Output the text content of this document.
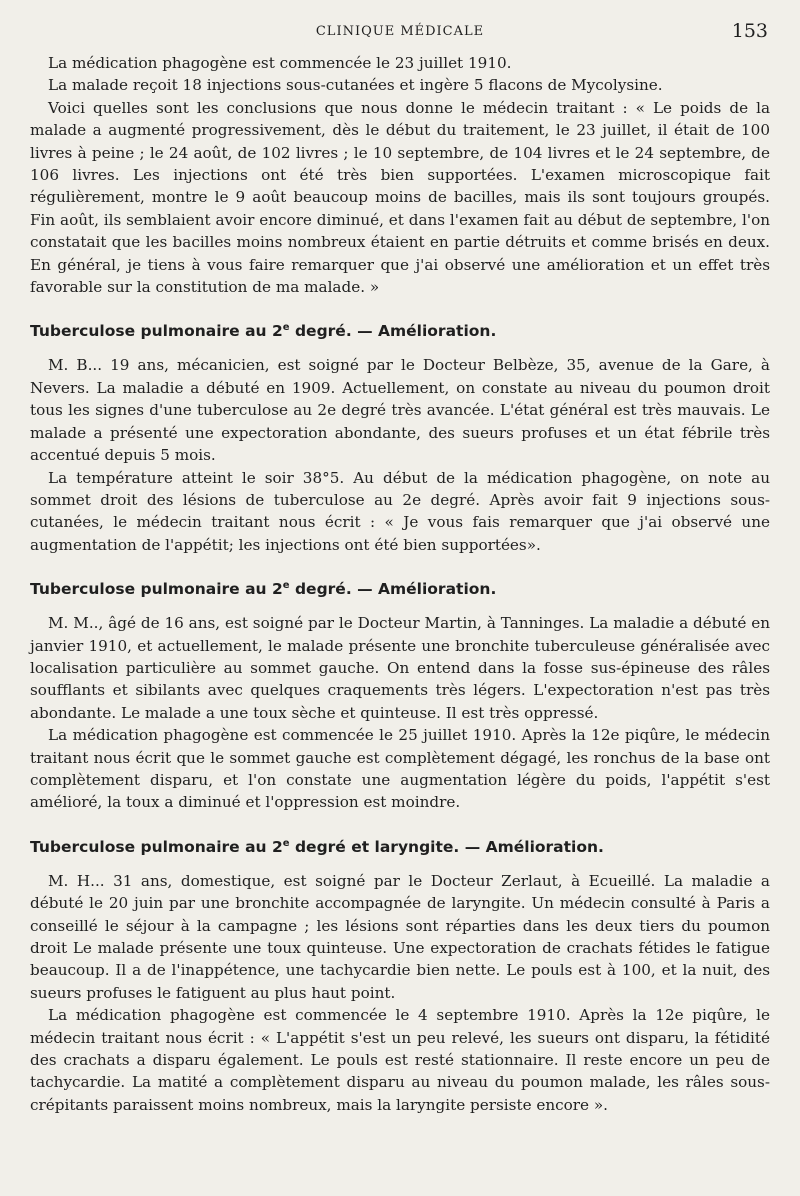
CLINIQUE MÉDICALE	153

La médication phagogène est commencée le 23 juillet 1910.

La malade reçoit 18 injections sous-cutanées et ingère 5 flacons de Mycolysine.

Voici quelles sont les conclusions que nous donne le médecin traitant : « Le poids de la malade a augmenté progressivement, dès le début du traitement, le 23 juillet, il était de 100 livres à peine ; le 24 août, de 102 livres ; le 10 septembre, de 104 livres et le 24 septembre, de 106 livres. Les injections ont été très bien supportées. L'examen microscopique fait régulièrement, montre le 9 août beaucoup moins de bacilles, mais ils sont toujours groupés. Fin août, ils semblaient avoir encore diminué, et dans l'examen fait au début de septembre, l'on constatait que les bacilles moins nombreux étaient en partie détruits et comme brisés en deux. En général, je tiens à vous faire remarquer que j'ai observé une amélioration et un effet très favorable sur la constitution de ma malade. »

Tuberculose pulmonaire au 2e degré. — Amélioration.

M. B... 19 ans, mécanicien, est soigné par le Docteur Belbèze, 35, avenue de la Gare, à Nevers. La maladie a débuté en 1909. Actuellement, on constate au niveau du poumon droit tous les signes d'une tuberculose au 2e degré très avancée. L'état général est très mauvais. Le malade a présenté une expectoration abondante, des sueurs profuses et un état fébrile très accentué depuis 5 mois.

La température atteint le soir 38°5. Au début de la médication phagogène, on note au sommet droit des lésions de tuberculose au 2e degré. Après avoir fait 9 injections sous-cutanées, le médecin traitant nous écrit : « Je vous fais remarquer que j'ai observé une augmentation de l'appétit; les injections ont été bien supportées».

Tuberculose pulmonaire au 2e degré. — Amélioration.

M. M.., âgé de 16 ans, est soigné par le Docteur Martin, à Tanninges. La maladie a débuté en janvier 1910, et actuellement, le malade présente une bronchite tuberculeuse généralisée avec localisation particulière au sommet gauche. On entend dans la fosse sus-épineuse des râles soufflants et sibilants avec quelques craquements très légers. L'expectoration n'est pas très abondante. Le malade a une toux sèche et quinteuse. Il est très oppressé.

La médication phagogène est commencée le 25 juillet 1910. Après la 12e piqûre, le médecin traitant nous écrit que le sommet gauche est complètement dégagé, les ronchus de la base ont complètement disparu, et l'on constate une augmentation légère du poids, l'appétit s'est amélioré, la toux a diminué et l'oppression est moindre.

Tuberculose pulmonaire au 2e degré et laryngite. — Amélioration.

M. H... 31 ans, domestique, est soigné par le Docteur Zerlaut, à Ecueillé. La maladie a débuté le 20 juin par une bronchite accompagnée de laryngite. Un médecin consulté à Paris a conseillé le séjour à la campagne ; les lésions sont réparties dans les deux tiers du poumon droit Le malade présente une toux quinteuse. Une expectoration de crachats fétides le fatigue beaucoup. Il a de l'inappétence, une tachycardie bien nette. Le pouls est à 100, et la nuit, des sueurs profuses le fatiguent au plus haut point.

La médication phagogène est commencée le 4 septembre 1910. Après la 12e piqûre, le médecin traitant nous écrit : « L'appétit s'est un peu relevé, les sueurs ont disparu, la fétidité des crachats a disparu également. Le pouls est resté stationnaire. Il reste encore un peu de tachycardie. La matité a complètement disparu au niveau du poumon malade, les râles sous-crépitants paraissent moins nombreux, mais la laryngite persiste encore ».
